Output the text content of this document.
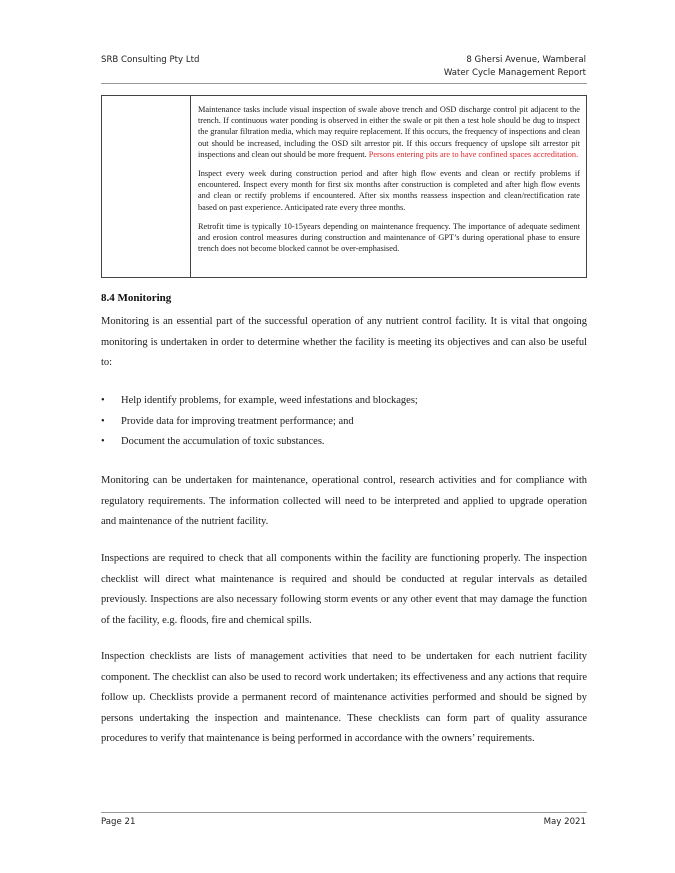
SRB Consulting Pty Ltd	8 Ghersi Avenue, Wamberal
Water Cycle Management Report

Maintenance tasks include visual inspection of swale above trench and OSD discharge control pit adjacent to the trench. If continuous water ponding is observed in either the swale or pit then a test hole should be dug to inspect the granular filtration media, which may require replacement. If this occurs, the frequency of inspections and clean out should be increased, including the OSD silt arrestor pit. If this occurs frequency of upslope silt arrestor pit inspections and clean out should be more frequent. Persons entering pits are to have confined spaces accreditation.

Inspect every week during construction period and after high flow events and clean or rectify problems if encountered. Inspect every month for first six months after construction is completed and after high flow events and clean or rectify problems if encountered. After six months reassess inspection and clean/rectification rate based on past experience. Anticipated rate every three months.

Retrofit time is typically 10-15years depending on maintenance frequency. The importance of adequate sediment and erosion control measures during construction and maintenance of GPT’s during operational phase to ensure trench does not become blocked cannot be over-emphasised.

8.4 Monitoring

Monitoring is an essential part of the successful operation of any nutrient control facility. It is vital that ongoing monitoring is undertaken in order to determine whether the facility is meeting its objectives and can also be useful to:

• Help identify problems, for example, weed infestations and blockages;
• Provide data for improving treatment performance; and
• Document the accumulation of toxic substances.

Monitoring can be undertaken for maintenance, operational control, research activities and for compliance with regulatory requirements. The information collected will need to be interpreted and applied to upgrade operation and maintenance of the nutrient facility.

Inspections are required to check that all components within the facility are functioning properly. The inspection checklist will direct what maintenance is required and should be conducted at regular intervals as detailed previously. Inspections are also necessary following storm events or any other event that may damage the function of the facility, e.g. floods, fire and chemical spills.

Inspection checklists are lists of management activities that need to be undertaken for each nutrient facility component. The checklist can also be used to record work undertaken; its effectiveness and any actions that require follow up. Checklists provide a permanent record of maintenance activities performed and should be signed by persons undertaking the inspection and maintenance. These checklists can form part of quality assurance procedures to verify that maintenance is being performed in accordance with the owners’ requirements.

Page 21	May 2021
